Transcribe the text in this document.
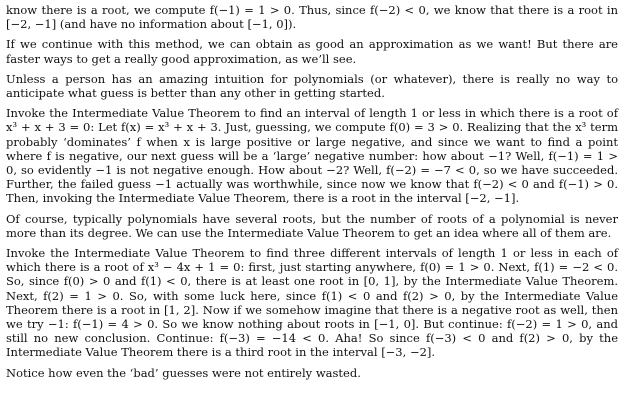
know there is a root, we compute f(−1) = 1 > 0. Thus, since f(−2) < 0, we know that there is a root in [−2, −1] (and have no information about [−1, 0]).

If we continue with this method, we can obtain as good an approximation as we want! But there are faster ways to get a really good approximation, as we’ll see.

Unless a person has an amazing intuition for polynomials (or whatever), there is really no way to anticipate what guess is better than any other in getting started.

Invoke the Intermediate Value Theorem to find an interval of length 1 or less in which there is a root of x³ + x + 3 = 0: Let f(x) = x³ + x + 3. Just, guessing, we compute f(0) = 3 > 0. Realizing that the x³ term probably ‘dominates’ f when x is large positive or large negative, and since we want to find a point where f is negative, our next guess will be a ‘large’ negative number: how about −1? Well, f(−1) = 1 > 0, so evidently −1 is not negative enough. How about −2? Well, f(−2) = −7 < 0, so we have succeeded. Further, the failed guess −1 actually was worthwhile, since now we know that f(−2) < 0 and f(−1) > 0. Then, invoking the Intermediate Value Theorem, there is a root in the interval [−2, −1].

Of course, typically polynomials have several roots, but the number of roots of a polynomial is never more than its degree. We can use the Intermediate Value Theorem to get an idea where all of them are.

Invoke the Intermediate Value Theorem to find three different intervals of length 1 or less in each of which there is a root of x³ − 4x + 1 = 0: first, just starting anywhere, f(0) = 1 > 0. Next, f(1) = −2 < 0. So, since f(0) > 0 and f(1) < 0, there is at least one root in [0, 1], by the Intermediate Value Theorem. Next, f(2) = 1 > 0. So, with some luck here, since f(1) < 0 and f(2) > 0, by the Intermediate Value Theorem there is a root in [1, 2]. Now if we somehow imagine that there is a negative root as well, then we try −1: f(−1) = 4 > 0. So we know nothing about roots in [−1, 0]. But continue: f(−2) = 1 > 0, and still no new conclusion. Continue: f(−3) = −14 < 0. Aha! So since f(−3) < 0 and f(2) > 0, by the Intermediate Value Theorem there is a third root in the interval [−3, −2].

Notice how even the ‘bad’ guesses were not entirely wasted.
